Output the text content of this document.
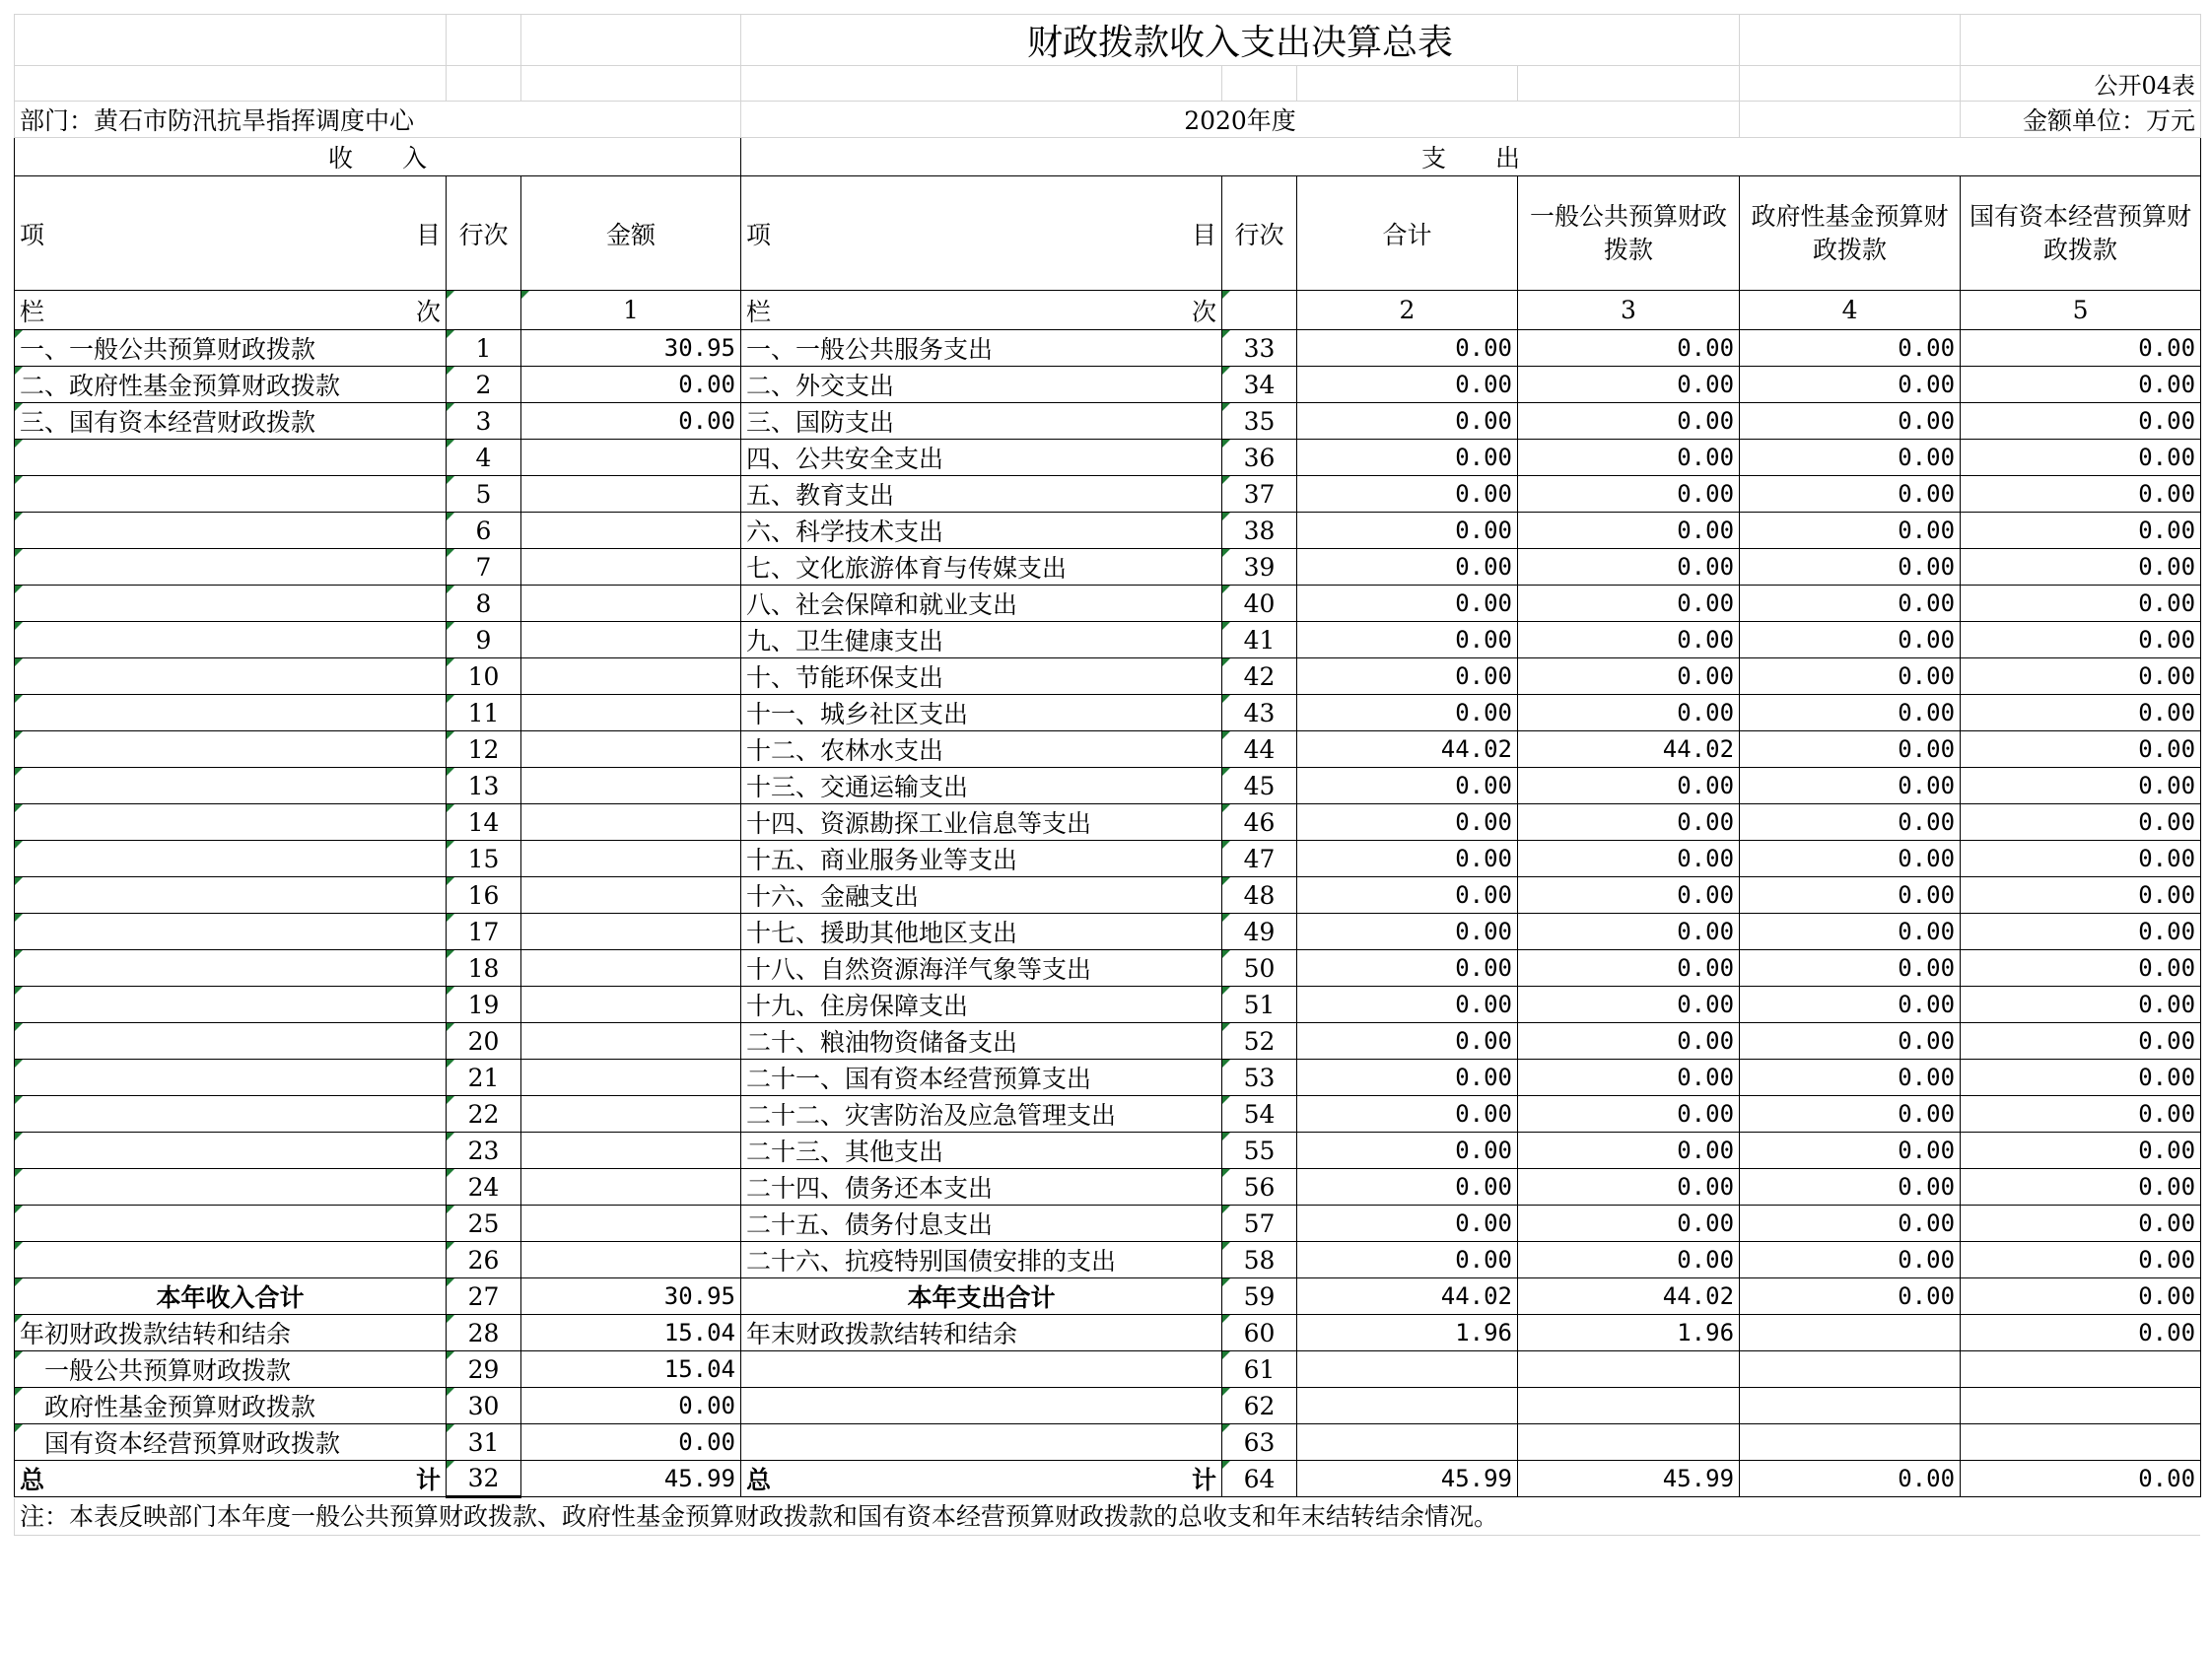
			财政拨款收入支出决算总表					
								公开04表
部门：黄石市防汛抗旱指挥调度中心			2020年度					金额单位：万元
收　　入			支　　出					

项 目	行次	金额	项 目	行次	合计	一般公共预算财政拨款	政府性基金预算财政拨款	国有资本经营预算财政拨款

栏 次		1	栏 次		2	3	4	5
一、一般公共预算财政拨款	1	30.95	一、一般公共服务支出	33	0.00	0.00	0.00	0.00
二、政府性基金预算财政拨款	2	0.00	二、外交支出	34	0.00	0.00	0.00	0.00
三、国有资本经营财政拨款	3	0.00	三、国防支出	35	0.00	0.00	0.00	0.00
	4		四、公共安全支出	36	0.00	0.00	0.00	0.00
	5		五、教育支出	37	0.00	0.00	0.00	0.00
	6		六、科学技术支出	38	0.00	0.00	0.00	0.00
	7		七、文化旅游体育与传媒支出	39	0.00	0.00	0.00	0.00
	8		八、社会保障和就业支出	40	0.00	0.00	0.00	0.00
	9		九、卫生健康支出	41	0.00	0.00	0.00	0.00
	10		十、节能环保支出	42	0.00	0.00	0.00	0.00
	11		十一、城乡社区支出	43	0.00	0.00	0.00	0.00
	12		十二、农林水支出	44	44.02	44.02	0.00	0.00
	13		十三、交通运输支出	45	0.00	0.00	0.00	0.00
	14		十四、资源勘探工业信息等支出	46	0.00	0.00	0.00	0.00
	15		十五、商业服务业等支出	47	0.00	0.00	0.00	0.00
	16		十六、金融支出	48	0.00	0.00	0.00	0.00
	17		十七、援助其他地区支出	49	0.00	0.00	0.00	0.00
	18		十八、自然资源海洋气象等支出	50	0.00	0.00	0.00	0.00
	19		十九、住房保障支出	51	0.00	0.00	0.00	0.00
	20		二十、粮油物资储备支出	52	0.00	0.00	0.00	0.00
	21		二十一、国有资本经营预算支出	53	0.00	0.00	0.00	0.00
	22		二十二、灾害防治及应急管理支出	54	0.00	0.00	0.00	0.00
	23		二十三、其他支出	55	0.00	0.00	0.00	0.00
	24		二十四、债务还本支出	56	0.00	0.00	0.00	0.00
	25		二十五、债务付息支出	57	0.00	0.00	0.00	0.00
	26		二十六、抗疫特别国债安排的支出	58	0.00	0.00	0.00	0.00
本年收入合计	27	30.95	本年支出合计	59	44.02	44.02	0.00	0.00
年初财政拨款结转和结余	28	15.04	年末财政拨款结转和结余	60	1.96	1.96		0.00
一般公共预算财政拨款	29	15.04		61				
政府性基金预算财政拨款	30	0.00		62				
国有资本经营预算财政拨款	31	0.00		63				

总 计	32	45.99	总 计	64	45.99	45.99	0.00	0.00
注：本表反映部门本年度一般公共预算财政拨款、政府性基金预算财政拨款和国有资本经营预算财政拨款的总收支和年末结转结余情况。
